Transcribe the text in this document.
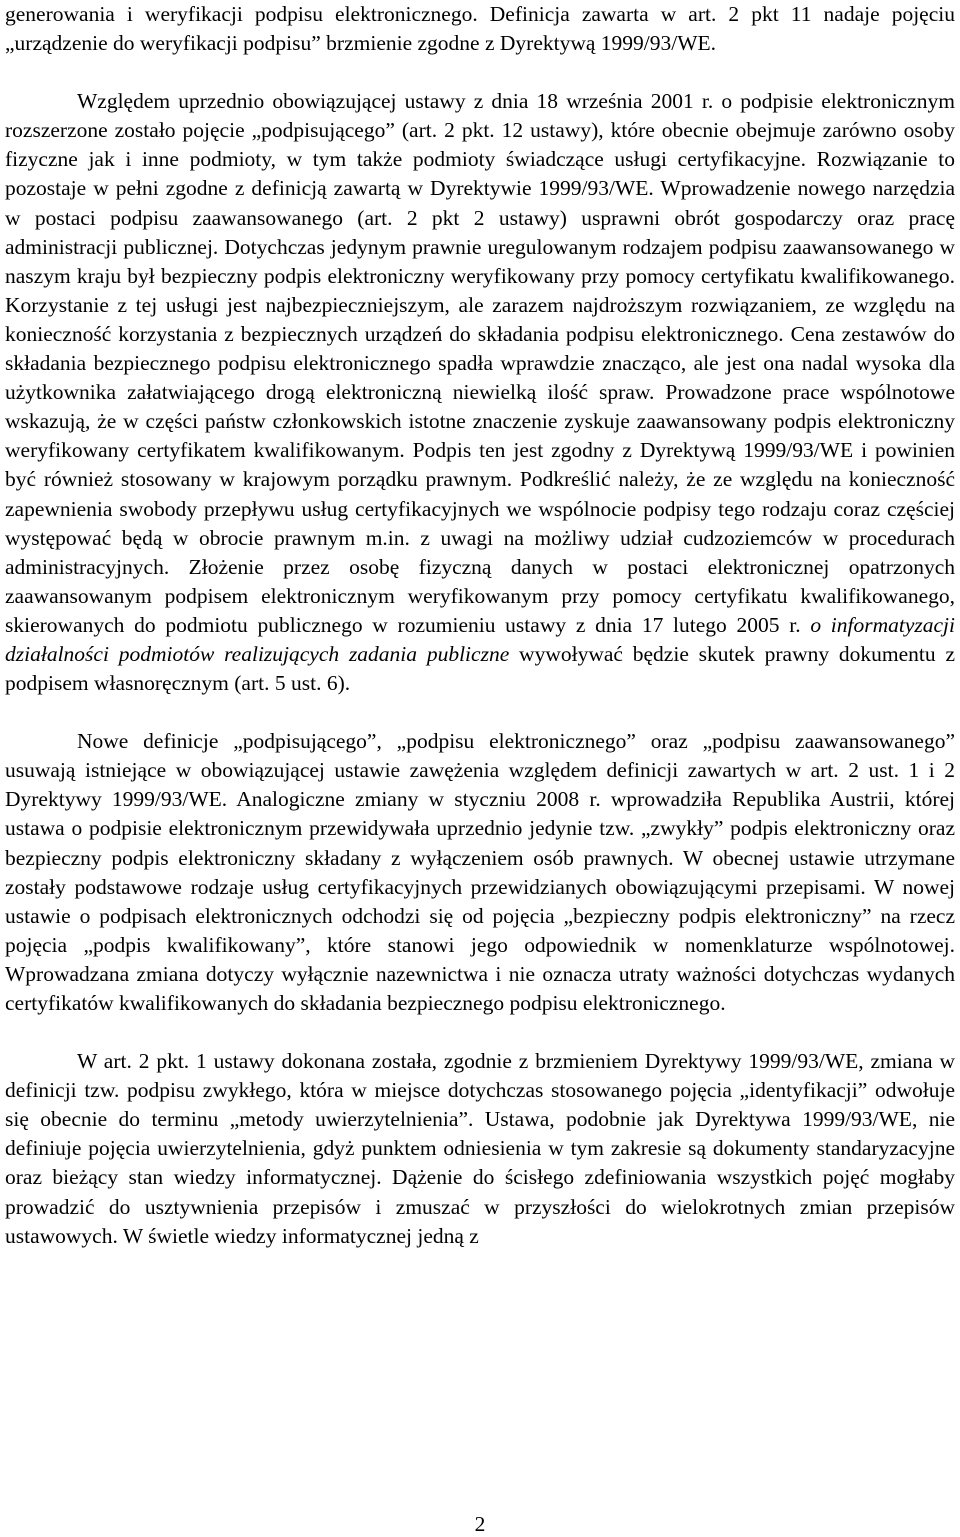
generowania i weryfikacji podpisu elektronicznego. Definicja zawarta w art. 2 pkt 11 nadaje pojęciu „urządzenie do weryfikacji podpisu” brzmienie zgodne z Dyrektywą 1999/93/WE.

Względem uprzednio obowiązującej ustawy z dnia 18 września 2001 r. o podpisie elektronicznym rozszerzone zostało pojęcie „podpisującego” (art. 2 pkt. 12 ustawy), które obecnie obejmuje zarówno osoby fizyczne jak i inne podmioty, w tym także podmioty świadczące usługi certyfikacyjne. Rozwiązanie to pozostaje w pełni zgodne z definicją zawartą w Dyrektywie 1999/93/WE. Wprowadzenie nowego narzędzia w postaci podpisu zaawansowanego (art. 2 pkt 2 ustawy) usprawni obrót gospodarczy oraz pracę administracji publicznej. Dotychczas jedynym prawnie uregulowanym rodzajem podpisu zaawansowanego w naszym kraju był bezpieczny podpis elektroniczny weryfikowany przy pomocy certyfikatu kwalifikowanego. Korzystanie z tej usługi jest najbezpieczniejszym, ale zarazem najdroższym rozwiązaniem, ze względu na konieczność korzystania z bezpiecznych urządzeń do składania podpisu elektronicznego. Cena zestawów do składania bezpiecznego podpisu elektronicznego spadła wprawdzie znacząco, ale jest ona nadal wysoka dla użytkownika załatwiającego drogą elektroniczną niewielką ilość spraw. Prowadzone prace wspólnotowe wskazują, że w części państw członkowskich istotne znaczenie zyskuje zaawansowany podpis elektroniczny weryfikowany certyfikatem kwalifikowanym. Podpis ten jest zgodny z Dyrektywą 1999/93/WE i powinien być również stosowany w krajowym porządku prawnym. Podkreślić należy, że ze względu na konieczność zapewnienia swobody przepływu usług certyfikacyjnych we wspólnocie podpisy tego rodzaju coraz częściej występować będą w obrocie prawnym m.in. z uwagi na możliwy udział cudzoziemców w procedurach administracyjnych. Złożenie przez osobę fizyczną danych w postaci elektronicznej opatrzonych zaawansowanym podpisem elektronicznym weryfikowanym przy pomocy certyfikatu kwalifikowanego, skierowanych do podmiotu publicznego w rozumieniu ustawy z dnia 17 lutego 2005 r. o informatyzacji działalności podmiotów realizujących zadania publiczne wywoływać będzie skutek prawny dokumentu z podpisem własnoręcznym (art. 5 ust. 6).

Nowe definicje „podpisującego”, „podpisu elektronicznego” oraz „podpisu zaawansowanego” usuwają istniejące w obowiązującej ustawie zawężenia względem definicji zawartych w art. 2 ust. 1 i 2 Dyrektywy 1999/93/WE. Analogiczne zmiany w styczniu 2008 r. wprowadziła Republika Austrii, której ustawa o podpisie elektronicznym przewidywała uprzednio jedynie tzw. „zwykły” podpis elektroniczny oraz bezpieczny podpis elektroniczny składany z wyłączeniem osób prawnych. W obecnej ustawie utrzymane zostały podstawowe rodzaje usług certyfikacyjnych przewidzianych obowiązującymi przepisami. W nowej ustawie o podpisach elektronicznych odchodzi się od pojęcia „bezpieczny podpis elektroniczny” na rzecz pojęcia „podpis kwalifikowany”, które stanowi jego odpowiednik w nomenklaturze wspólnotowej. Wprowadzana zmiana dotyczy wyłącznie nazewnictwa i nie oznacza utraty ważności dotychczas wydanych certyfikatów kwalifikowanych do składania bezpiecznego podpisu elektronicznego.

W art. 2 pkt. 1 ustawy dokonana została, zgodnie z brzmieniem Dyrektywy 1999/93/WE, zmiana w definicji tzw. podpisu zwykłego, która w miejsce dotychczas stosowanego pojęcia „identyfikacji” odwołuje się obecnie do terminu „metody uwierzytelnienia”. Ustawa, podobnie jak Dyrektywa 1999/93/WE, nie definiuje pojęcia uwierzytelnienia, gdyż punktem odniesienia w tym zakresie są dokumenty standaryzacyjne oraz bieżący stan wiedzy informatycznej. Dążenie do ścisłego zdefiniowania wszystkich pojęć mogłaby prowadzić do usztywnienia przepisów i zmuszać w przyszłości do wielokrotnych zmian przepisów ustawowych. W świetle wiedzy informatycznej jedną z

2
